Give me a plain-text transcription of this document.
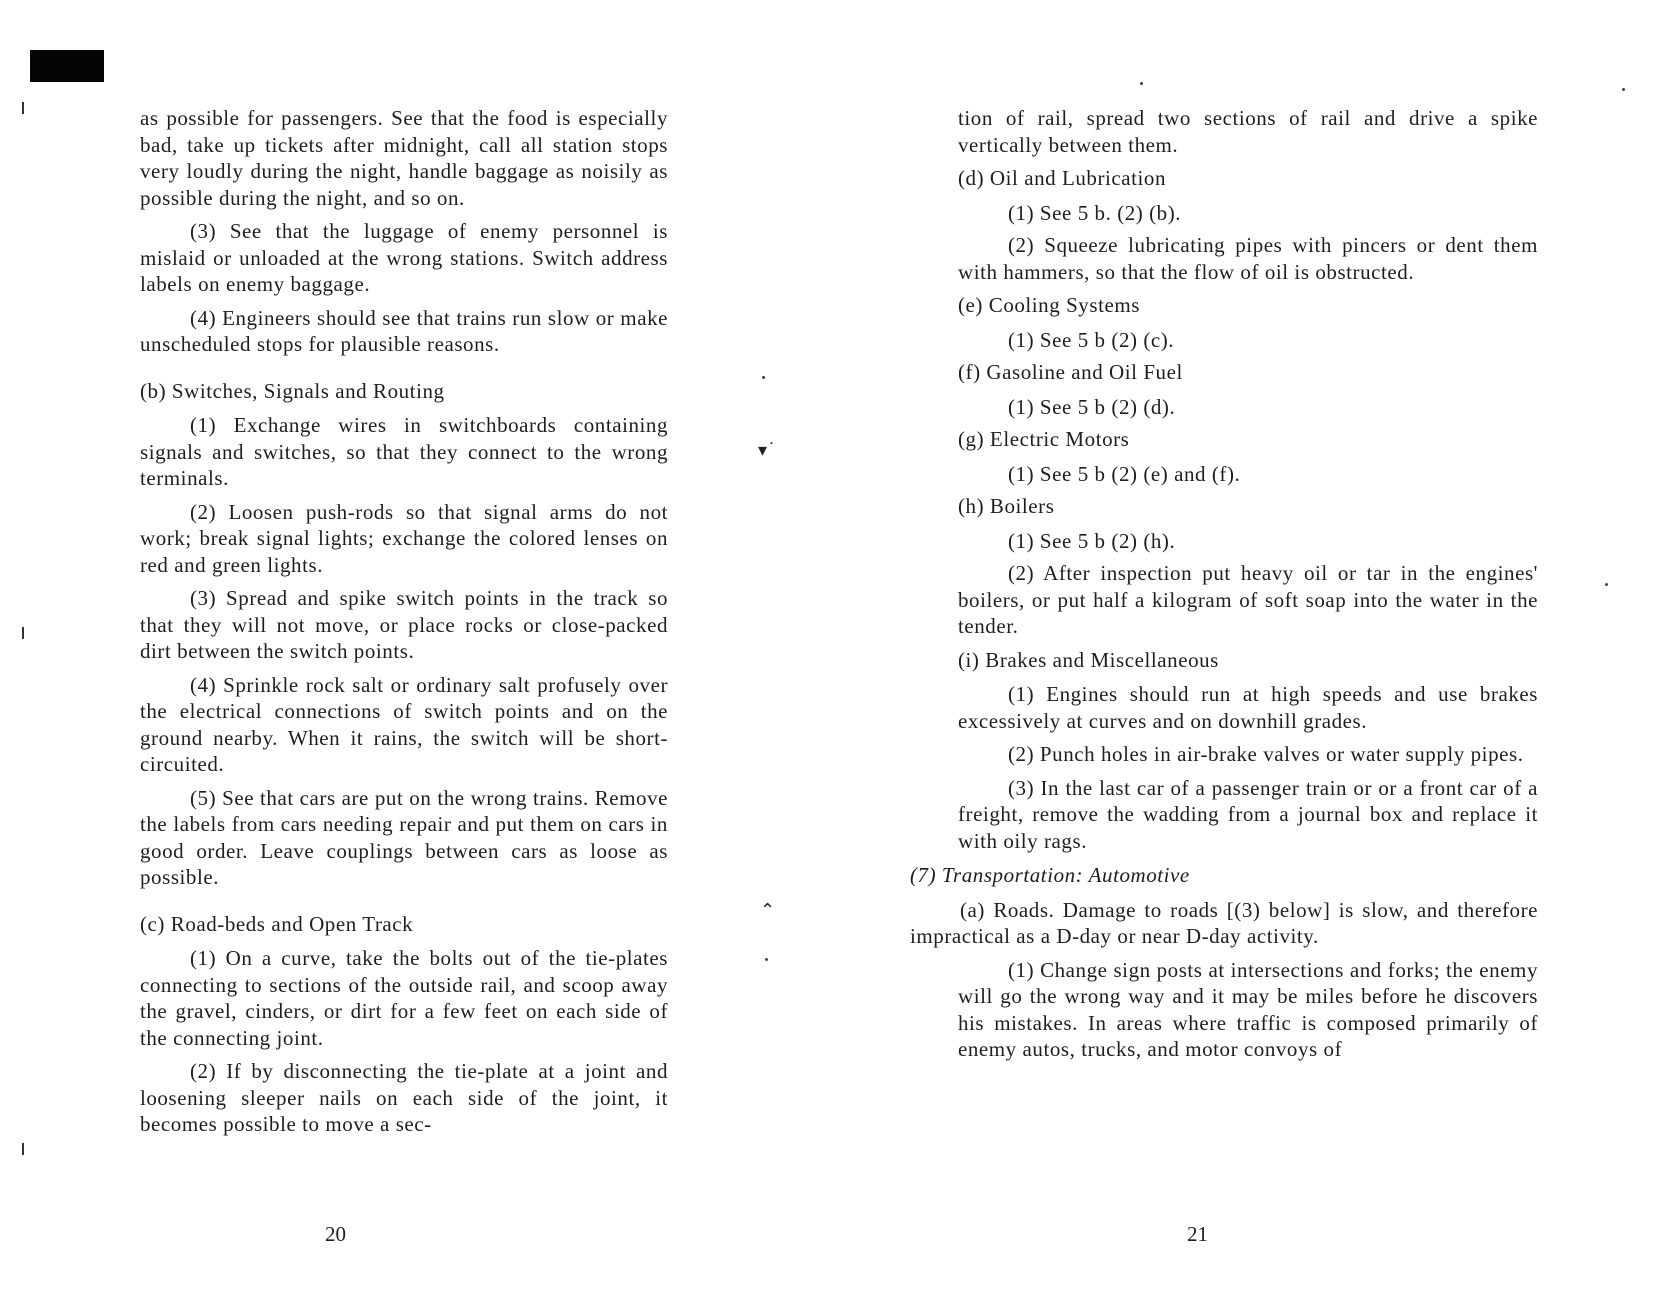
as possible for passengers. See that the food is especially bad, take up tickets after midnight, call all station stops very loudly during the night, handle baggage as noisily as possible during the night, and so on.

(3) See that the luggage of enemy personnel is mislaid or unloaded at the wrong stations. Switch address labels on enemy baggage.

(4) Engineers should see that trains run slow or make unscheduled stops for plausible reasons.

(b) Switches, Signals and Routing

(1) Exchange wires in switchboards containing signals and switches, so that they connect to the wrong terminals.

(2) Loosen push-rods so that signal arms do not work; break signal lights; exchange the colored lenses on red and green lights.

(3) Spread and spike switch points in the track so that they will not move, or place rocks or close-packed dirt between the switch points.

(4) Sprinkle rock salt or ordinary salt profusely over the electrical connections of switch points and on the ground nearby. When it rains, the switch will be short-circuited.

(5) See that cars are put on the wrong trains. Remove the labels from cars needing repair and put them on cars in good order. Leave couplings between cars as loose as possible.

(c) Road-beds and Open Track

(1) On a curve, take the bolts out of the tie-plates connecting to sections of the outside rail, and scoop away the gravel, cinders, or dirt for a few feet on each side of the connecting joint.

(2) If by disconnecting the tie-plate at a joint and loosening sleeper nails on each side of the joint, it becomes possible to move a sec-

tion of rail, spread two sections of rail and drive a spike vertically between them.

(d) Oil and Lubrication

(1) See 5 b. (2) (b).

(2) Squeeze lubricating pipes with pincers or dent them with hammers, so that the flow of oil is obstructed.

(e) Cooling Systems

(1) See 5 b (2) (c).

(f) Gasoline and Oil Fuel

(1) See 5 b (2) (d).

(g) Electric Motors

(1) See 5 b (2) (e) and (f).

(h) Boilers

(1) See 5 b (2) (h).

(2) After inspection put heavy oil or tar in the engines' boilers, or put half a kilogram of soft soap into the water in the tender.

(i) Brakes and Miscellaneous

(1) Engines should run at high speeds and use brakes excessively at curves and on downhill grades.

(2) Punch holes in air-brake valves or water supply pipes.

(3) In the last car of a passenger train or or a front car of a freight, remove the wadding from a journal box and replace it with oily rags.

(7) Transportation: Automotive

(a) Roads. Damage to roads [(3) below] is slow, and therefore impractical as a D-day or near D-day activity.

(1) Change sign posts at intersections and forks; the enemy will go the wrong way and it may be miles before he discovers his mistakes. In areas where traffic is composed primarily of enemy autos, trucks, and motor convoys of

20	21
▾˙
⌃
